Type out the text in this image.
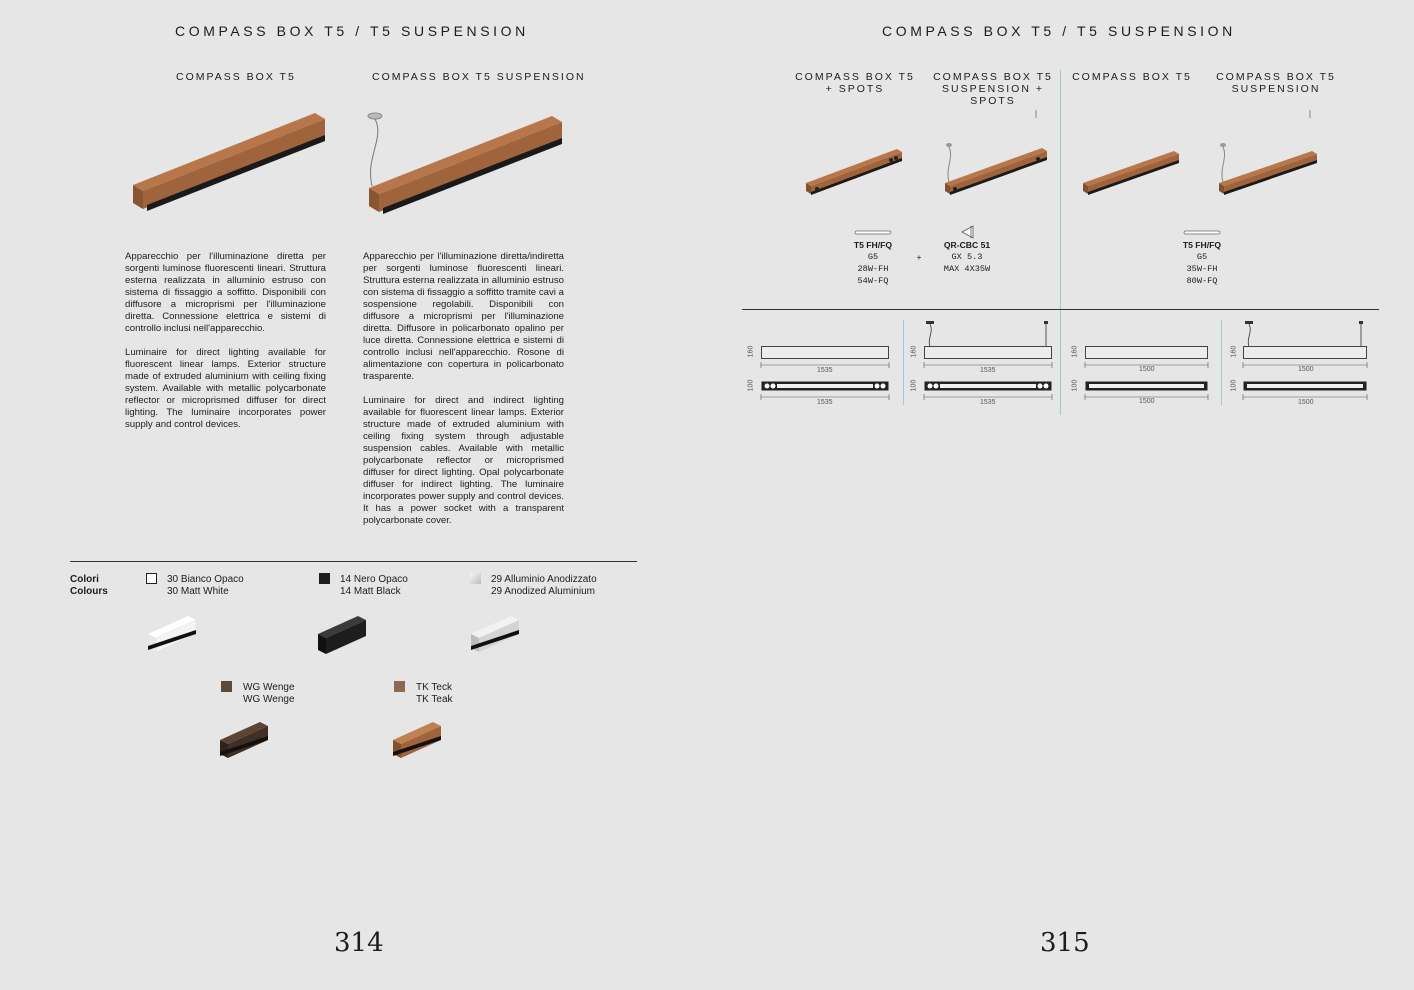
COMPASS BOX T5 / T5 SUSPENSION
COMPASS BOX T5	COMPASS BOX T5 SUSPENSION

Apparecchio per l'illuminazione diretta per sorgenti luminose fluorescenti lineari. Struttura esterna realizzata in alluminio estruso con sistema di fissaggio a soffitto. Disponibili con diffusore a microprismi per l'illuminazione diretta. Connessione elettrica e sistemi di controllo inclusi nell'apparecchio.

Luminaire for direct lighting available for fluorescent linear lamps. Exterior structure made of extruded aluminium with ceiling fixing system. Available with metallic polycarbonate reflector or microprismed diffuser for direct lighting. The luminaire incorporates power supply and control devices.

Apparecchio per l'illuminazione diretta/indiretta per sorgenti luminose fluorescenti lineari. Struttura esterna realizzata in alluminio estruso con sistema di fissaggio a soffitto tramite cavi a sospensione regolabili. Disponibili con diffusore a microprismi per l'illuminazione diretta. Diffusore in policarbonato opalino per luce diretta. Connessione elettrica e sistemi di controllo inclusi nell'apparecchio. Rosone di alimentazione con copertura in policarbonato trasparente.

Luminaire for direct and indirect lighting available for fluorescent linear lamps. Exterior structure made of extruded aluminium with ceiling fixing system through adjustable suspension cables. Available with metallic polycarbonate reflector or microprismed diffuser for direct lighting. Opal polycarbonate diffuser for indirect lighting. The luminaire incorporates power supply and control devices. It has a power socket with a transparent polycarbonate cover.

Colori
Colours
30 Bianco Opaco
30 Matt White
14 Nero Opaco
14 Matt Black
29 Alluminio Anodizzato
29 Anodized Aluminium
WG Wenge
WG Wenge
TK Teck
TK Teak
314
COMPASS BOX T5 / T5 SUSPENSION
COMPASS BOX T5
+ SPOTS
COMPASS BOX T5
SUSPENSION +
SPOTS
COMPASS BOX T5 COMPASS BOX T5
SUSPENSION
T5 FH/FQ
G5
28W-FH
54W-FQ
+
QR-CBC 51
GX 5.3
MAX 4X35W
T5 FH/FQ
G5
35W-FH
80W-FQ
160
1535
100
1535
160
1535
100
1535
160
1500
100
1500
160
1500
100
1500
315
